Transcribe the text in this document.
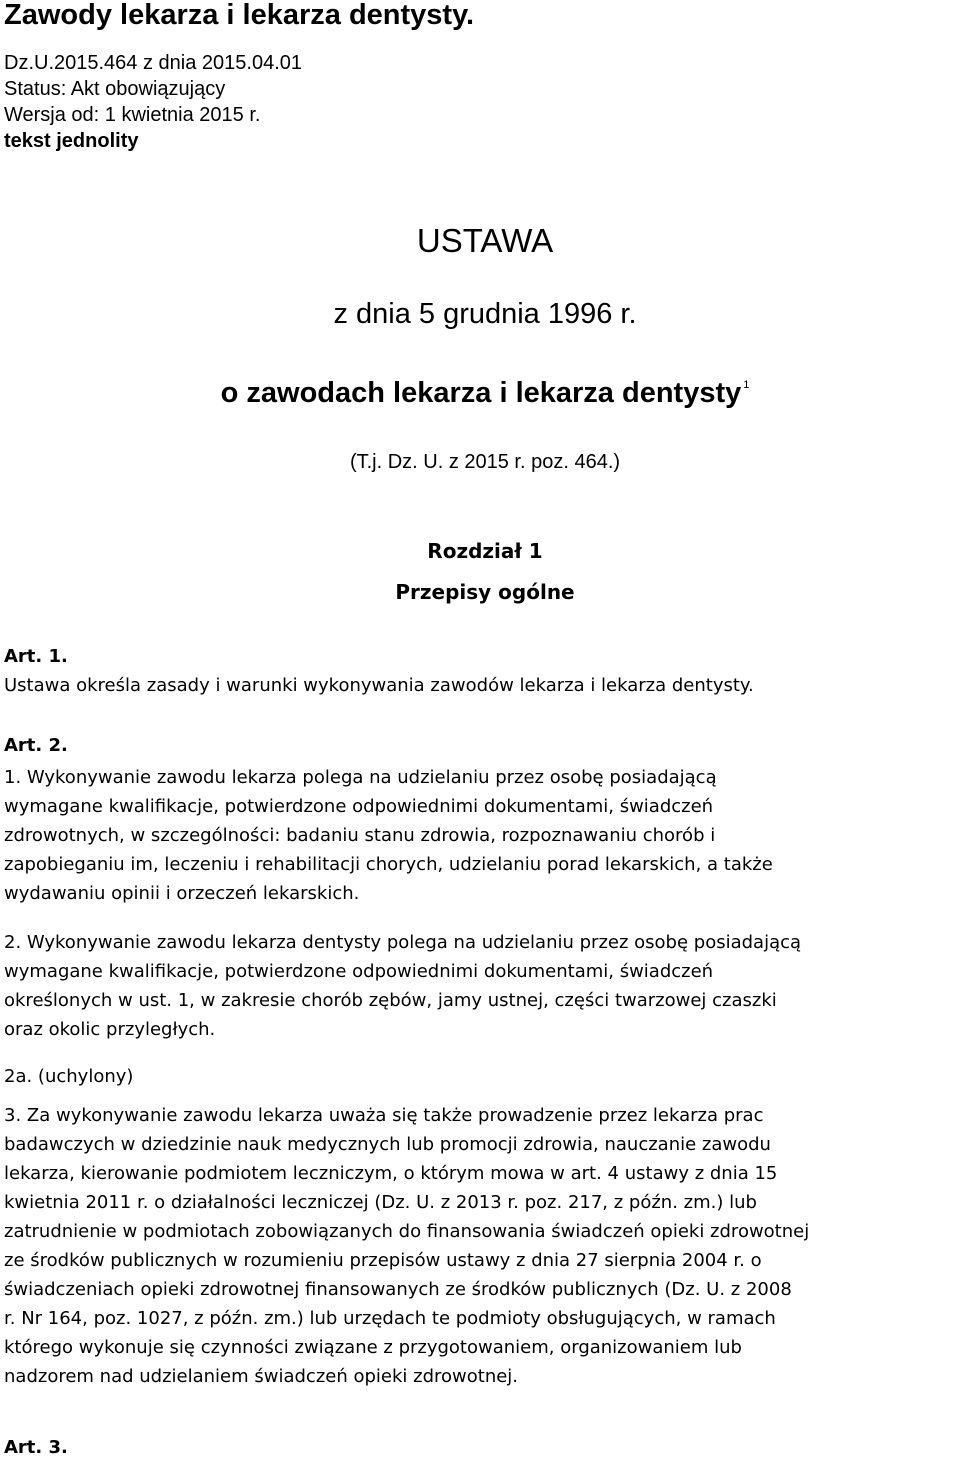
Zawody lekarza i lekarza dentysty.
Dz.U.2015.464 z dnia 2015.04.01
Status: Akt obowiązujący
Wersja od: 1 kwietnia 2015 r.
tekst jednolity
USTAWA
z dnia 5 grudnia 1996 r.
o zawodach lekarza i lekarza dentysty $^1$
(T.j. Dz. U. z 2015 r. poz. 464.)
Rozdział 1
Przepisy ogólne
Art. 1.
Ustawa określa zasady i warunki wykonywania zawodów lekarza i lekarza dentysty.
Art. 2.
1. Wykonywanie zawodu lekarza polega na udzielaniu przez osobę posiadającą
wymagane kwalifikacje, potwierdzone odpowiednimi dokumentami, świadczeń
zdrowotnych, w szczególności: badaniu stanu zdrowia, rozpoznawaniu chorób i
zapobieganiu im, leczeniu i rehabilitacji chorych, udzielaniu porad lekarskich, a także
wydawaniu opinii i orzeczeń lekarskich.
2. Wykonywanie zawodu lekarza dentysty polega na udzielaniu przez osobę posiadającą
wymagane kwalifikacje, potwierdzone odpowiednimi dokumentami, świadczeń
określonych w ust. 1, w zakresie chorób zębów, jamy ustnej, części twarzowej czaszki
oraz okolic przyległych.
2a. (uchylony)
3. Za wykonywanie zawodu lekarza uważa się także prowadzenie przez lekarza prac
badawczych w dziedzinie nauk medycznych lub promocji zdrowia, nauczanie zawodu
lekarza, kierowanie podmiotem leczniczym, o którym mowa w art. 4 ustawy z dnia 15
kwietnia 2011 r. o działalności leczniczej (Dz. U. z 2013 r. poz. 217, z późn. zm.) lub
zatrudnienie w podmiotach zobowiązanych do finansowania świadczeń opieki zdrowotnej
ze środków publicznych w rozumieniu przepisów ustawy z dnia 27 sierpnia 2004 r. o
świadczeniach opieki zdrowotnej finansowanych ze środków publicznych (Dz. U. z 2008
r. Nr 164, poz. 1027, z późn. zm.) lub urzędach te podmioty obsługujących, w ramach
którego wykonuje się czynności związane z przygotowaniem, organizowaniem lub
nadzorem nad udzielaniem świadczeń opieki zdrowotnej.
Art. 3.
